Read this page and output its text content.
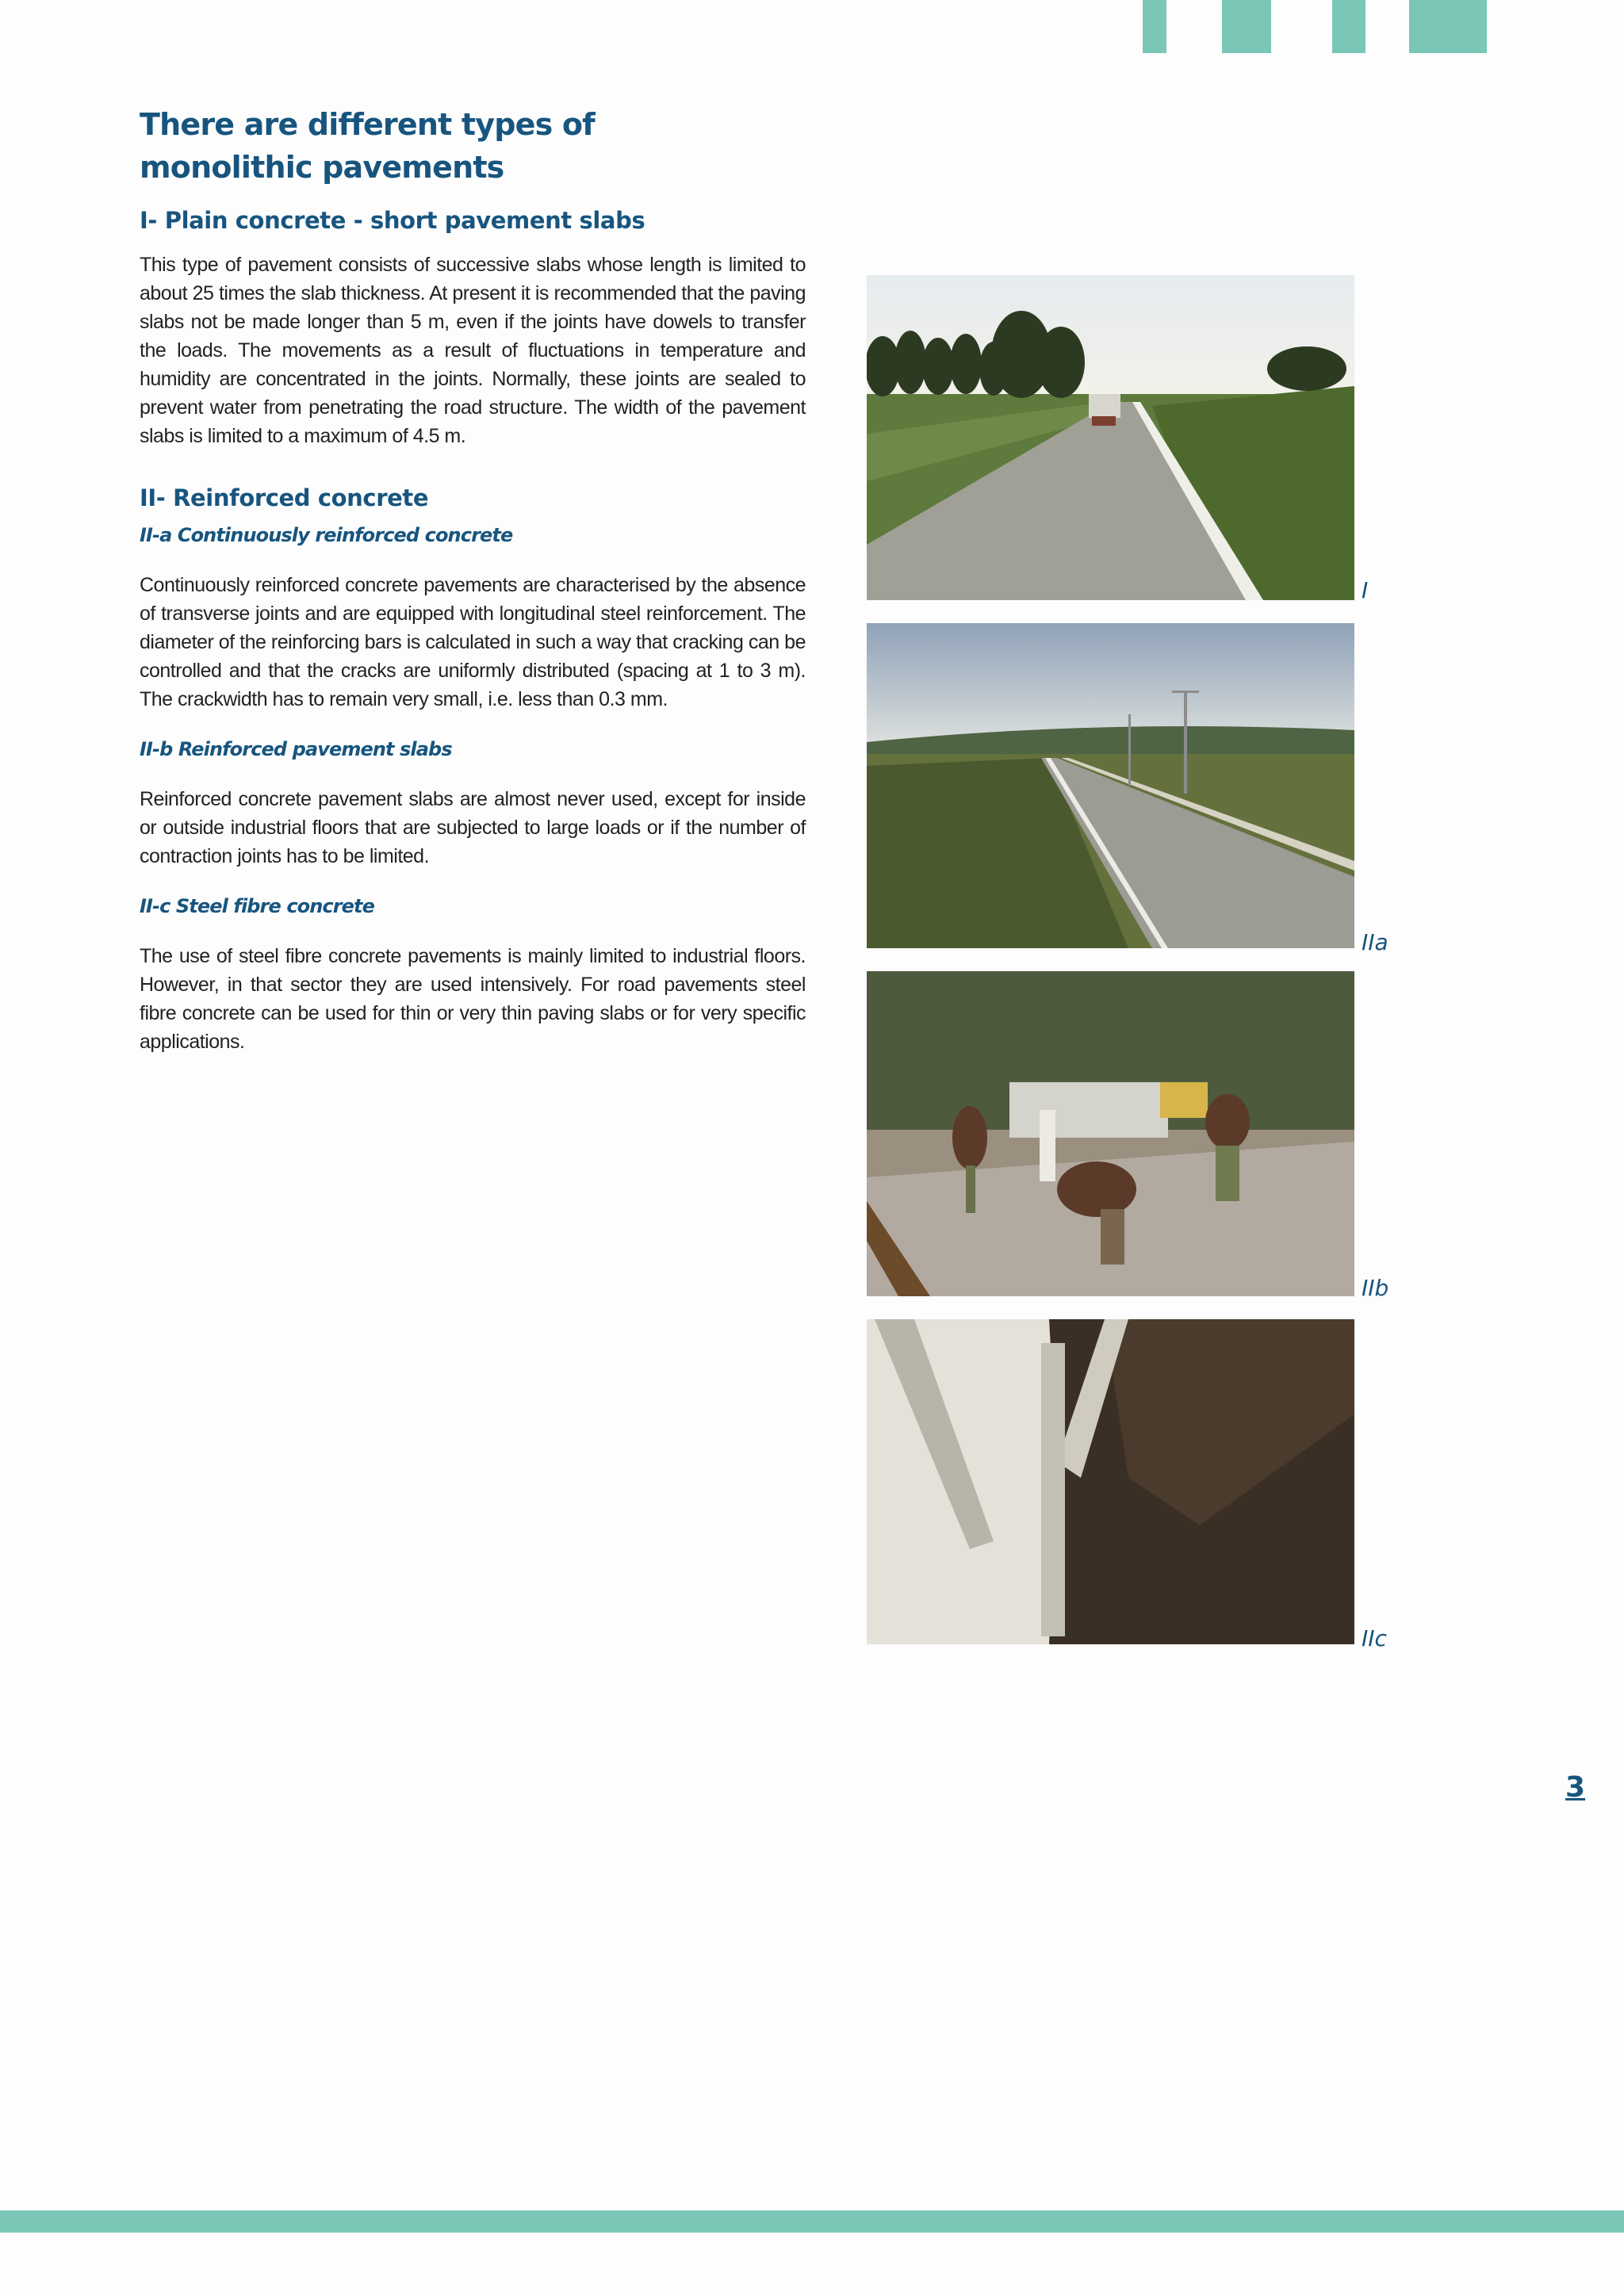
There are different types of
monolithic pavements
I- Plain concrete - short pavement slabs

This type of pavement consists of successive slabs whose length is limited to about 25 times the slab thickness. At present it is recommended that the paving slabs not be made longer than 5 m, even if the joints have dowels to transfer the loads. The movements as a result of fluctuations in temperature and humidity are concentrated in the joints. Normally, these joints are sealed to prevent water from penetrating the road structure. The width of the pavement slabs is limited to a maximum of 4.5 m.

II- Reinforced concrete
II-a Continuously reinforced concrete

Continuously reinforced concrete pavements are characterised by the absence of transverse joints and are equipped with longitudinal steel reinforcement. The diameter of the reinforcing bars is calculated in such a way that cracking can be controlled and that the cracks are uniformly distributed (spacing at 1 to 3 m). The crackwidth has to remain very small, i.e. less than 0.3 mm.

II-b Reinforced pavement slabs

Reinforced concrete pavement slabs are almost never used, except for inside or outside industrial floors that are subjected to large loads or if the number of contraction joints has to be limited.

II-c Steel fibre concrete

The use of steel fibre concrete pavements is mainly limited to industrial floors. However, in that sector they are used intensively. For road pavements steel fibre concrete can be used for thin or very thin paving slabs or for very specific applications.

I
IIa
IIb
IIc
3
